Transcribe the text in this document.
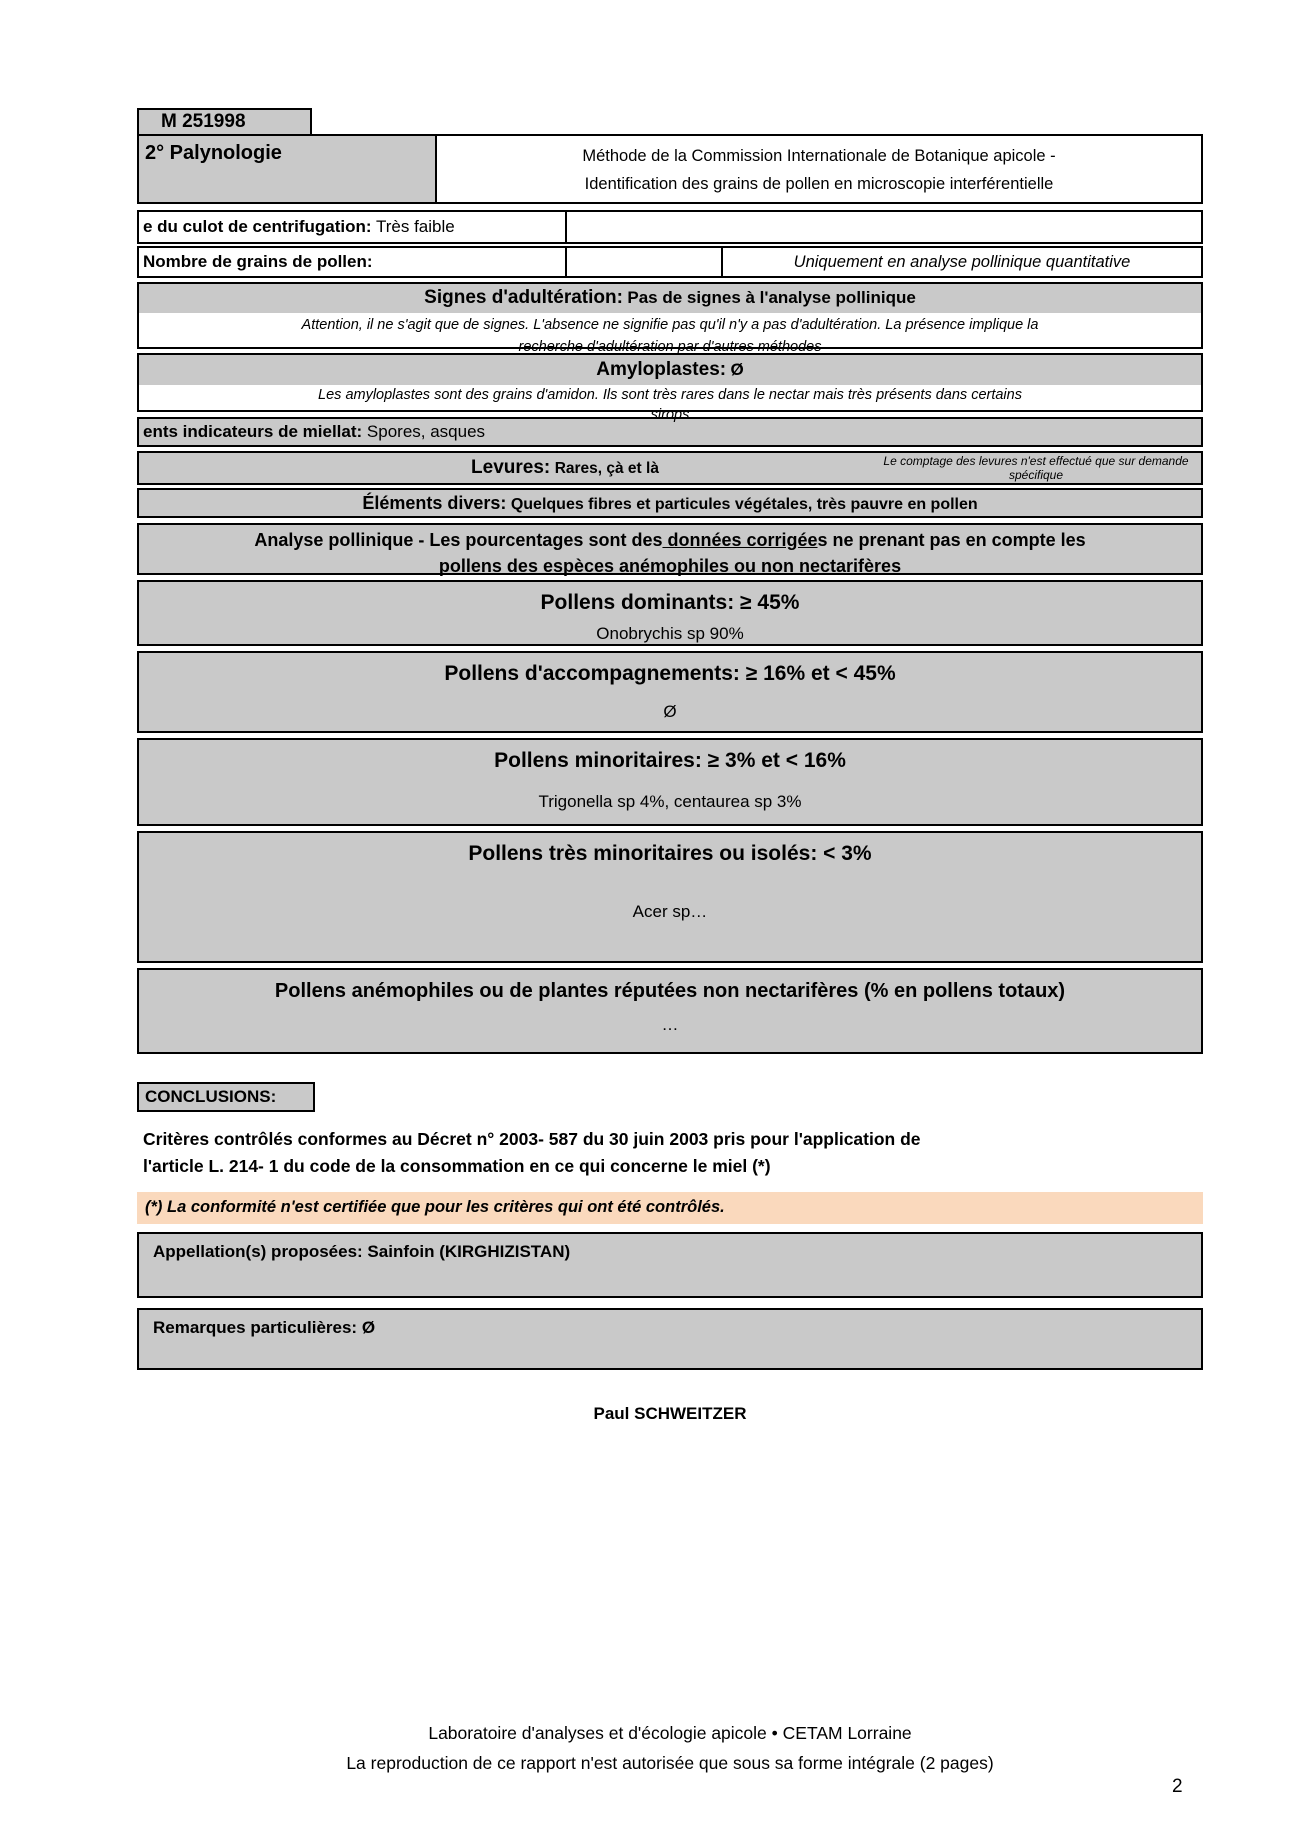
M 251998
2° Palynologie	Méthode de la Commission Internationale de Botanique apicole -
Identification des grains de pollen en microscopie interférentielle
e du culot de centrifugation: Très faible
Nombre de grains de pollen:	Uniquement en analyse pollinique quantitative
Signes d'adultération: Pas de signes à l'analyse pollinique
Attention, il ne s'agit que de signes. L'absence ne signifie pas qu'il n'y a pas d'adultération. La présence implique la
recherche d'adultération par d'autres méthodes
Amyloplastes: Ø
Les amyloplastes sont des grains d'amidon. Ils sont très rares dans le nectar mais très présents dans certains
sirops
ents indicateurs de miellat: Spores, asques
Levures: Rares, çà et là	Le comptage des levures n'est effectué que sur demande
spécifique
Éléments divers: Quelques fibres et particules végétales, très pauvre en pollen
Analyse pollinique - Les pourcentages sont des données corrigées ne prenant pas en compte les
pollens des espèces anémophiles ou non nectarifères
Pollens dominants: ≥ 45%
Onobrychis sp 90%
Pollens d'accompagnements: ≥ 16% et < 45%
Ø
Pollens minoritaires: ≥ 3% et < 16%
Trigonella sp 4%, centaurea sp 3%
Pollens très minoritaires ou isolés: < 3%
Acer sp…
Pollens anémophiles ou de plantes réputées non nectarifères (% en pollens totaux)
…
CONCLUSIONS:
Critères contrôlés conformes au Décret n° 2003- 587 du 30 juin 2003 pris pour l'application de
l'article L. 214- 1 du code de la consommation en ce qui concerne le miel (*)
(*) La conformité n'est certifiée que pour les critères qui ont été contrôlés.
Appellation(s) proposées: Sainfoin (KIRGHIZISTAN)
Remarques particulières: Ø
Paul SCHWEITZER
Laboratoire d'analyses et d'écologie apicole • CETAM Lorraine
La reproduction de ce rapport n'est autorisée que sous sa forme intégrale (2 pages)
2
